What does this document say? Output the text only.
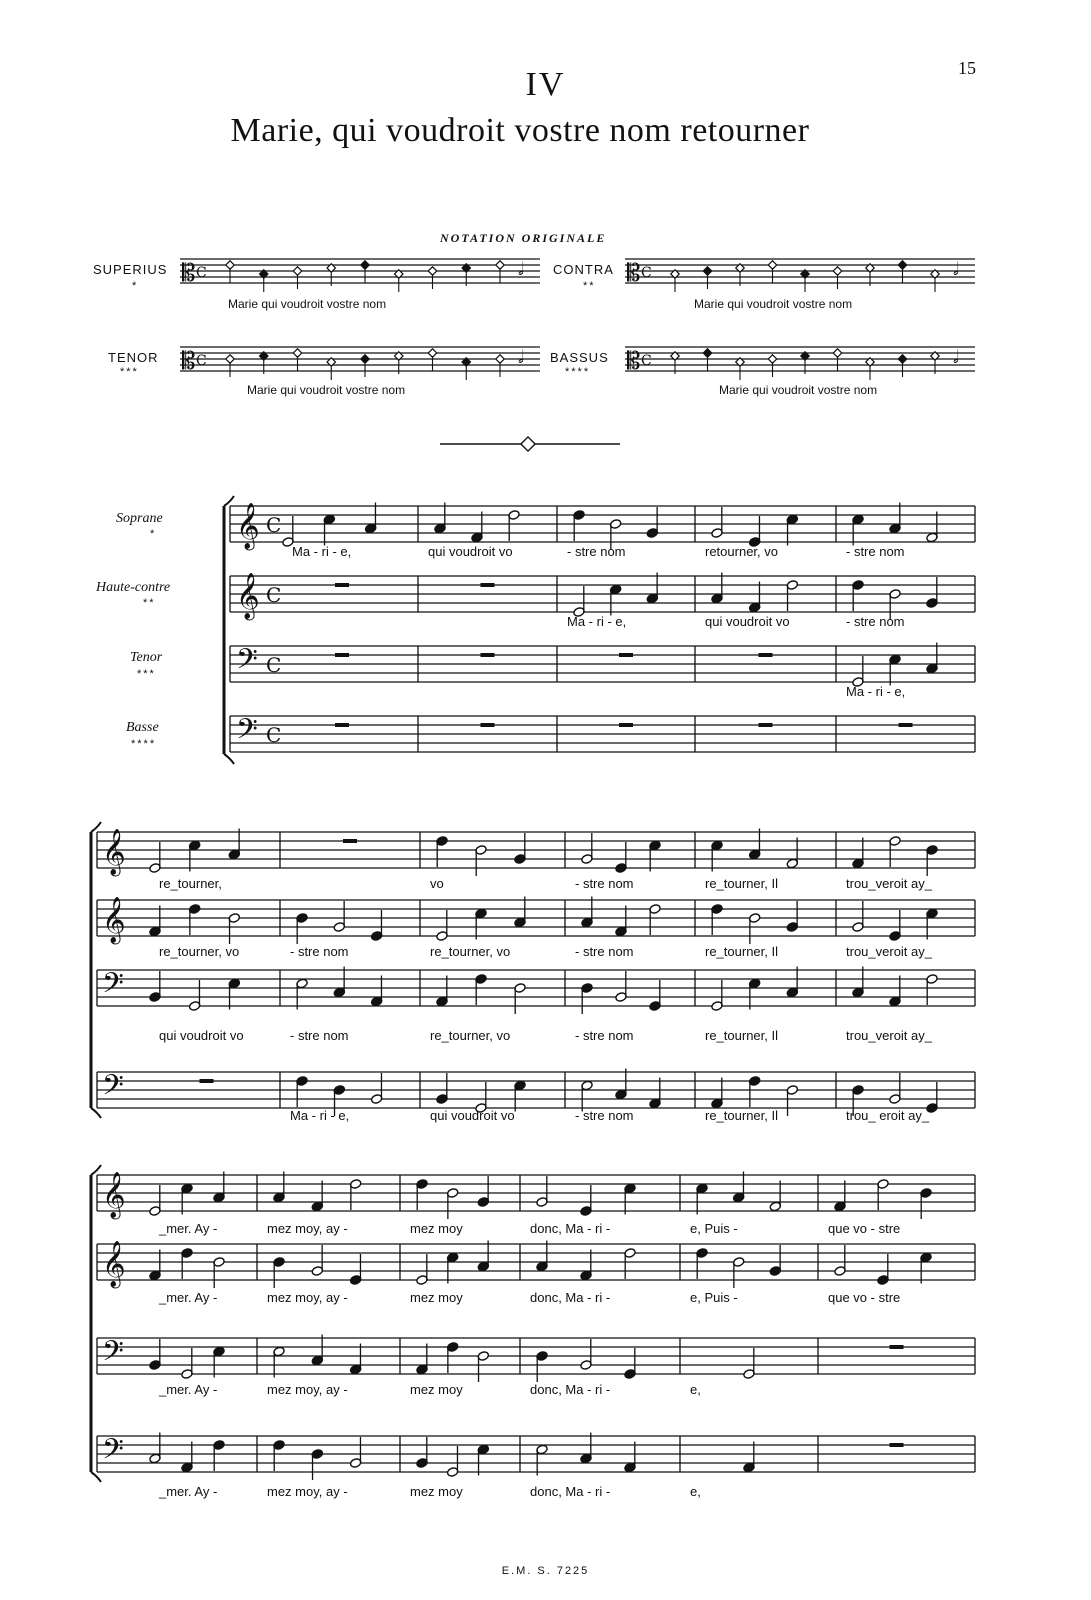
15
IV
Marie, qui voudroit vostre nom retourner
NOTATION ORIGINALE
SUPERIUS
*
Marie qui voudroit vostre nom
CONTRA
**
Marie qui voudroit vostre nom
TENOR
***
Marie qui voudroit vostre nom
BASSUS
****
Marie qui voudroit vostre nom
Soprane
*
Haute-contre
**
Tenor
***
Basse
****
𝄡 C	𝅗𝅥	𝄡 C	𝅗𝅥
𝄡 C	𝅗𝅥	𝄡 C	𝅗𝅥
𝄞 C
𝄞 C
𝄢 C
𝄢 C
𝄞
𝄞
𝄢
𝄢
𝄞
𝄞
𝄢
𝄢
Ma - ri - e,	qui voudroit vo	- stre nom	retourner, vo	- stre nom
Ma - ri - e,	qui voudroit vo	- stre nom
Ma - ri - e,
re_tourner,	vo	- stre nom	re_tourner, Il	trou_veroit ay_
re_tourner, vo	- stre nom	re_tourner, vo	- stre nom	re_tourner, Il	trou_veroit ay_
qui voudroit vo	- stre nom	re_tourner, vo	- stre nom	re_tourner, Il	trou_veroit ay_
Ma - ri - e,	qui voudroit vo	- stre nom	re_tourner, Il	trou_ eroit ay_
_mer. Ay -	mez moy, ay -	mez moy	donc, Ma - ri -	e, Puis -	que vo - stre
_mer. Ay -	mez moy, ay -	mez moy	donc, Ma - ri -	e, Puis -	que vo - stre
_mer. Ay -	mez moy, ay -	mez moy	donc, Ma - ri -	e,
_mer. Ay -	mez moy, ay -	mez moy	donc, Ma - ri -	e,
E.M. S. 7225
